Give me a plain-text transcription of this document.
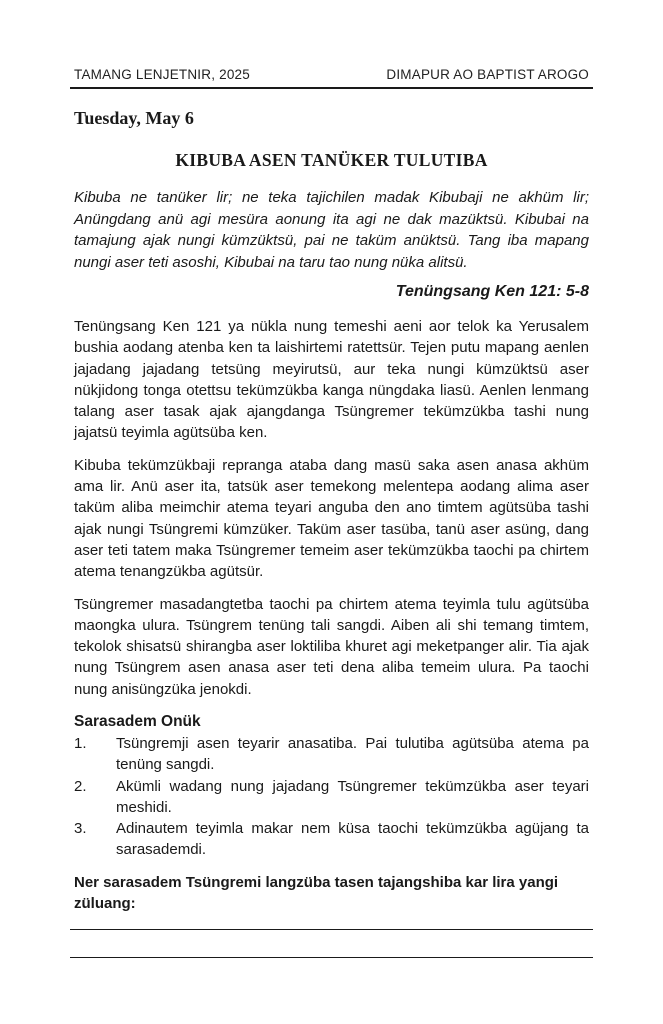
TAMANG LENJETNIR, 2025	DIMAPUR AO BAPTIST AROGO
Tuesday, May 6
KIBUBA ASEN TANÜKER TULUTIBA
Kibuba ne tanüker lir; ne teka tajichilen madak Kibubaji ne akhüm lir; Anüngdang anü agi mesüra aonung ita agi ne dak mazüktsü. Kibubai na tamajung ajak nungi kümzüktsü, pai ne taküm anüktsü. Tang iba mapang nungi aser teti asoshi, Kibubai na taru tao nung nüka alitsü.
Tenüngsang Ken 121: 5-8

Tenüngsang Ken 121 ya nükla nung temeshi aeni aor telok ka Yerusalem bushia aodang atenba ken ta laishirtemi ratettsür. Tejen putu mapang aenlen jajadang jajadang tetsüng meyirutsü, aur teka nungi kümzüktsü aser nükjidong tonga otettsu tekümzükba kanga nüngdaka liasü. Aenlen lenmang talang aser tasak ajak ajangdanga Tsüngremer tekümzükba tashi nung jajatsü teyimla agütsüba ken.

Kibuba tekümzükbaji repranga ataba dang masü saka asen anasa akhüm ama lir. Anü aser ita, tatsük aser temekong melentepa aodang alima aser taküm aliba meimchir atema teyari anguba den ano timtem agütsüba tashi ajak nungi Tsüngremi kümzüker. Taküm aser tasüba, tanü aser asüng, dang aser teti tatem maka Tsüngremer temeim aser tekümzükba taochi pa chirtem atema tenangzükba agütsür.

Tsüngremer masadangtetba taochi pa chirtem atema teyimla tulu agütsüba maongka ulura. Tsüngrem tenüng tali sangdi. Aiben ali shi temang timtem, tekolok shisatsü shirangba aser loktiliba khuret agi meketpanger alir. Tia ajak nung Tsüngrem asen anasa aser teti dena aliba temeim ulura. Pa taochi nung anisüngzüka jenokdi.

Sarasadem Onük
1.	Tsüngremji asen teyarir anasatiba. Pai tulutiba agütsüba atema pa tenüng sangdi.
2.	Akümli wadang nung jajadang Tsüngremer tekümzükba aser teyari meshidi.
3.	Adinautem teyimla makar nem küsa taochi tekümzükba agüjang ta sarasademdi.
Ner sarasadem Tsüngremi langzüba tasen tajangshiba kar lira yangi züluang:
